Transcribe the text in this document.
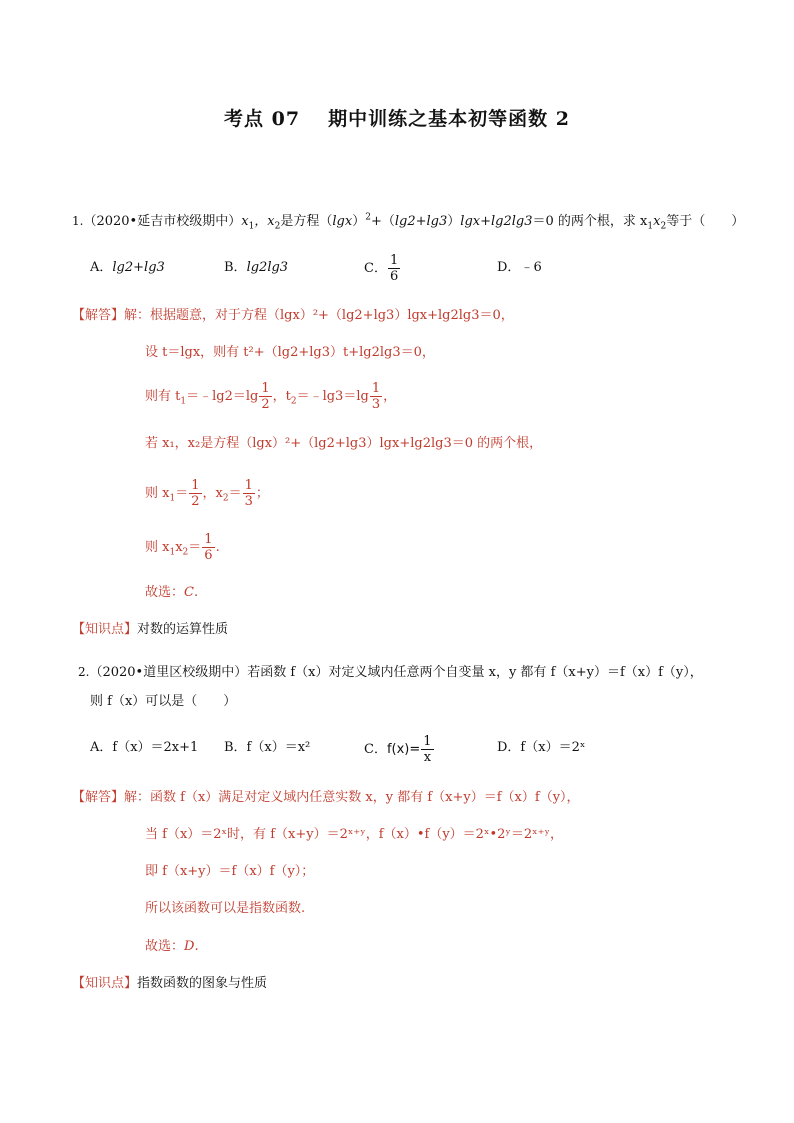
考点 07 期中训练之基本初等函数 2
1.（2020•延吉市校级期中）$x_1$，$x_2$是方程$(\lg x)^2+(\lg 2+\lg 3)\lg x+\lg 2\lg 3=0$ 的两个根，求 $x_1x_2$等于（　　）
A．lg2+lg3	B．lg2lg3	C． $\frac{1}{6}$	D．﹣6
【解答】解：根据题意，对于方程（lgx）²+（lg2+lg3）lgx+lg2lg3＝0，
设 t＝lgx，则有 t²+（lg2+lg3）t+lg2lg3＝0，
则有 $t_1=﹣\lg 2=\lg \frac{1}{2}$ ，$t_2=﹣\lg 3=\lg \frac{1}{3}$ ，
若 x₁，x₂是方程（lgx）²+（lg2+lg3）lgx+lg2lg3＝0 的两个根，
则 $x_1= \frac{1}{2}$ ，$x_2= \frac{1}{3}$ ；
则 $x_1x_2= \frac{1}{6}$ .
故选：C.
【知识点】对数的运算性质
2.（2020•道里区校级期中）若函数 f（x）对定义域内任意两个自变量 x，y 都有 f（x+y）＝f（x）f（y），
则 f（x）可以是（　　）
A．f（x）＝2x+1 B．f（x）＝x²	C．$f(x)= \frac{1}{x}$	D．f（x）＝2ˣ
【解答】解：函数 f（x）满足对定义域内任意实数 x，y 都有 f（x+y）＝f（x）f（y），
当 f（x）＝2ˣ时，有 f（x+y）＝2ˣ⁺ʸ，f（x）•f（y）＝2ˣ•2ʸ＝2ˣ⁺ʸ，
即 f（x+y）＝f（x）f（y）；
所以该函数可以是指数函数.
故选：D.
【知识点】指数函数的图象与性质
